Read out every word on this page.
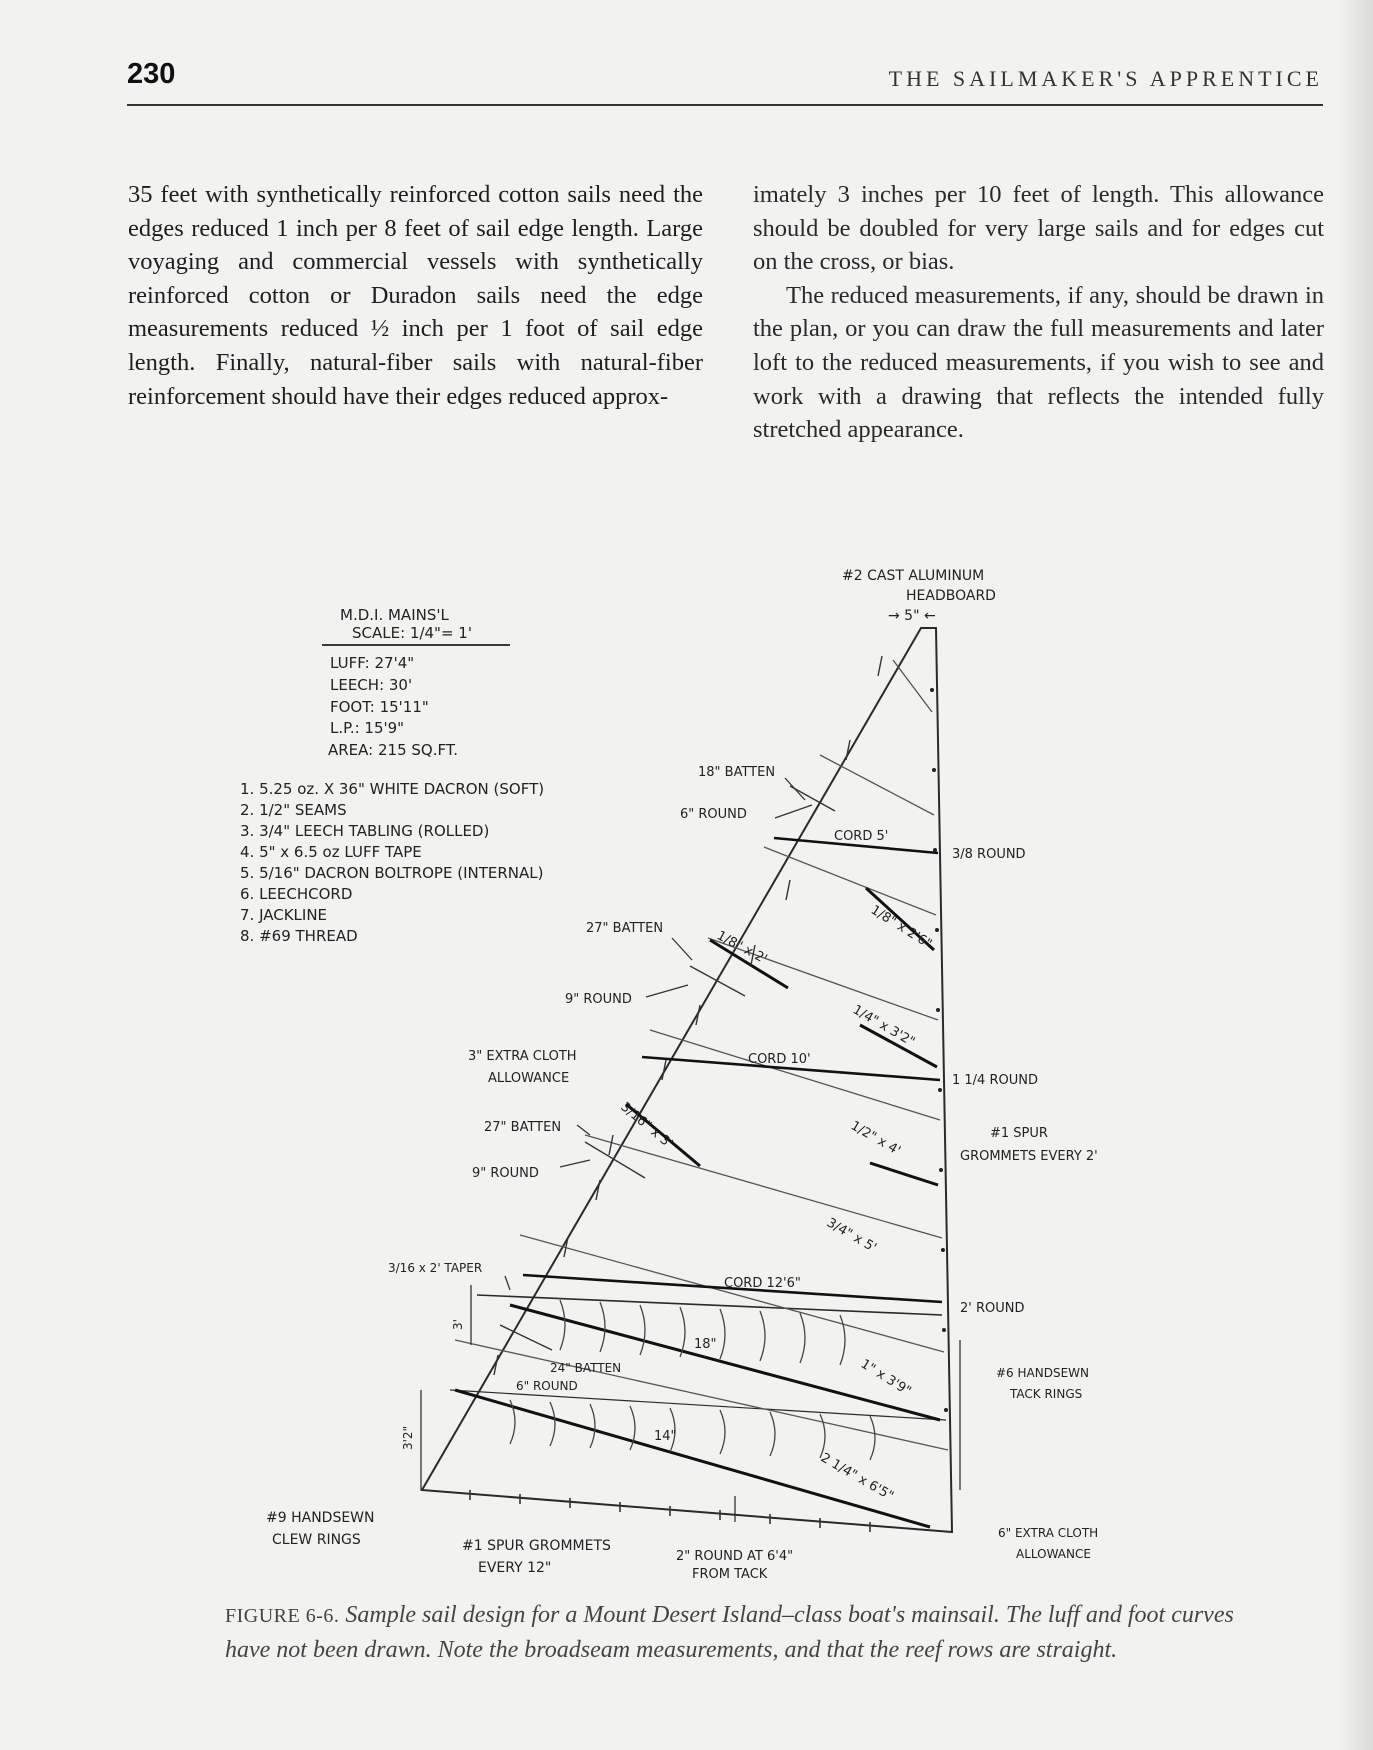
230	THE SAILMAKER'S APPRENTICE

35 feet with synthetically reinforced cotton sails need the edges reduced 1 inch per 8 feet of sail edge length. Large voyaging and commercial vessels with synthetically reinforced cotton or Duradon sails need the edge measurements reduced ½ inch per 1 foot of sail edge length. Finally, natural-fiber sails with natural-fiber reinforcement should have their edges reduced approx-

imately 3 inches per 10 feet of length. This allowance should be doubled for very large sails and for edges cut on the cross, or bias.

The reduced measurements, if any, should be drawn in the plan, or you can draw the full measurements and later loft to the reduced measurements, if you wish to see and work with a drawing that reflects the intended fully stretched appearance.

M.D.I. MAINS'L
SCALE: 1/4"= 1'
LUFF: 27'4"
LEECH: 30'
FOOT: 15'11"
L.P.: 15'9"
AREA: 215 SQ.FT.
1. 5.25 oz. X 36" WHITE DACRON (SOFT)
2. 1/2" SEAMS
3. 3/4" LEECH TABLING (ROLLED)
4. 5" x 6.5 oz LUFF TAPE
5. 5/16" DACRON BOLTROPE (INTERNAL)
6. LEECHCORD
7. JACKLINE
8. #69 THREAD
#2 CAST ALUMINUM
HEADBOARD
→ 5" ←
18" BATTEN
6" ROUND
CORD 5'
3/8 ROUND
1/8" x 2'6"
27" BATTEN	1/8" x 2'
9" ROUND
1/4" x 3'2"
3" EXTRA CLOTH
ALLOWANCE
CORD 10'
1 1/4 ROUND
27" BATTEN	3/16" x 3'	#1 SPUR
GROMMETS EVERY 2'
1/2" x 4'
9" ROUND
3/4" x 5'
3/16 x 2' TAPER
CORD 12'6"
2' ROUND
18"
24" BATTEN
6" ROUND	1" x 3'9"	#6 HANDSEWN
TACK RINGS
14"
2 1/4" x 6'5"
3'
3'2"
#9 HANDSEWN
CLEW RINGS	#1 SPUR GROMMETS
EVERY 12"
2" ROUND AT 6'4"
FROM TACK
6" EXTRA CLOTH
ALLOWANCE
FIGURE 6-6. Sample sail design for a Mount Desert Island–class boat's mainsail. The luff and foot curves have not been drawn. Note the broadseam measurements, and that the reef rows are straight.
